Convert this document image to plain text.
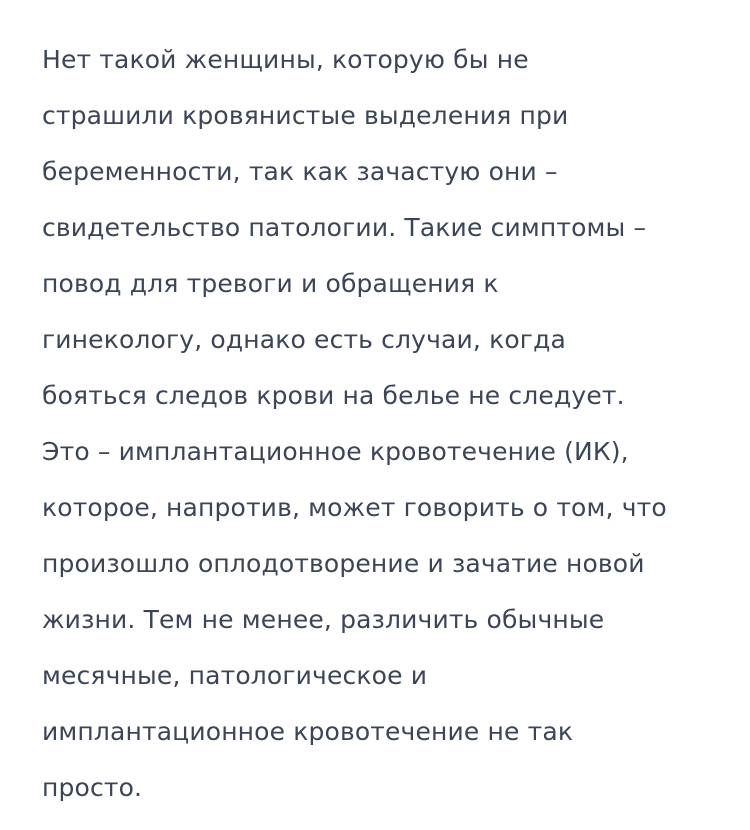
Нет такой женщины, которую бы не
страшили кровянистые выделения при
беременности, так как зачастую они –
свидетельство патологии. Такие симптомы –
повод для тревоги и обращения к
гинекологу, однако есть случаи, когда
бояться следов крови на белье не следует.
Это – имплантационное кровотечение (ИК),
которое, напротив, может говорить о том, что
произошло оплодотворение и зачатие новой
жизни. Тем не менее, различить обычные
месячные, патологическое и
имплантационное кровотечение не так
просто.
